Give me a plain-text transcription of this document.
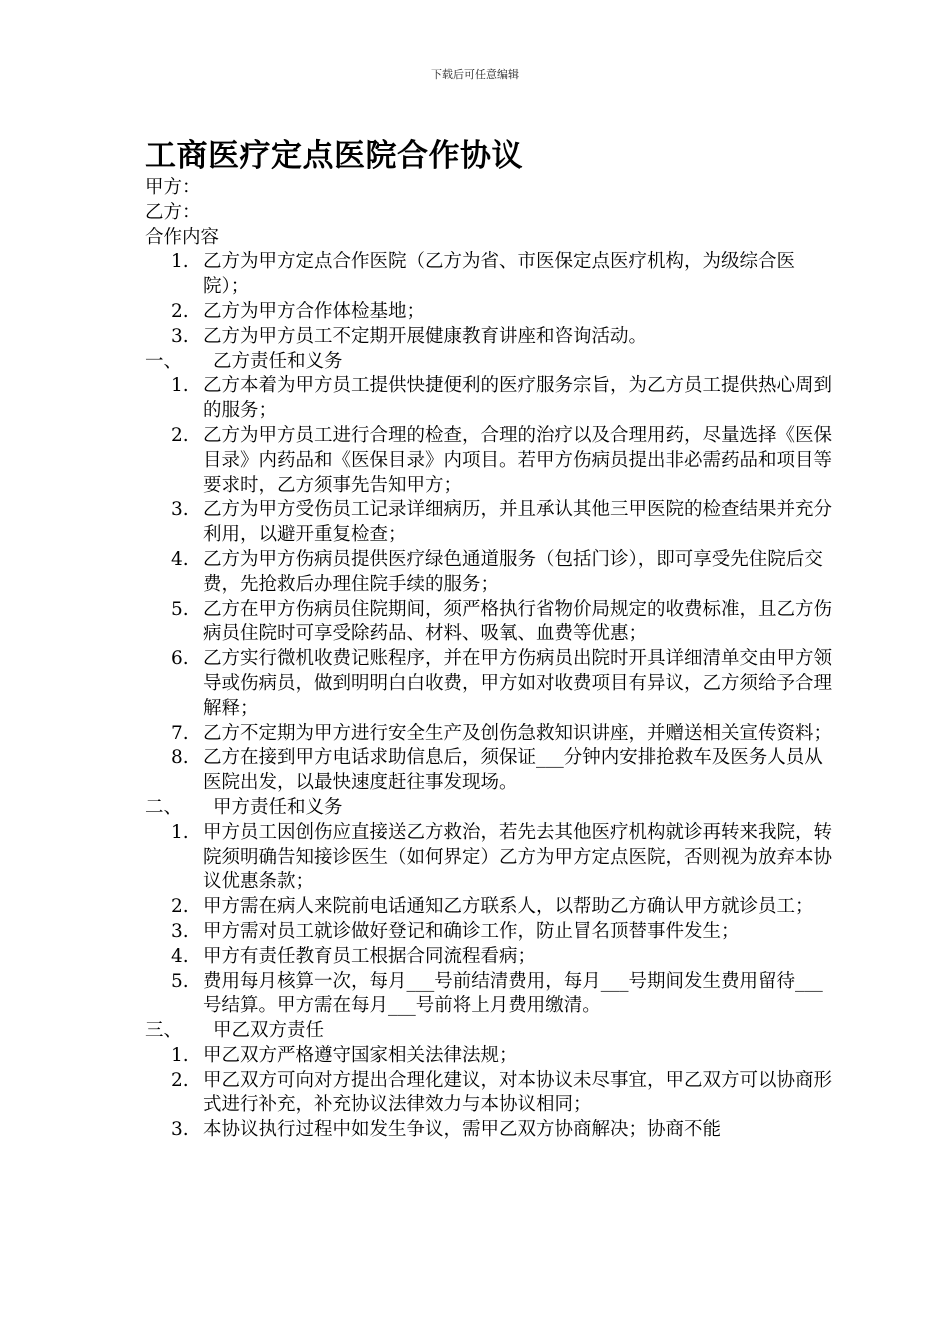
下载后可任意编辑
工商医疗定点医院合作协议

甲方：

乙方：

合作内容

1. 乙方为甲方定点合作医院（乙方为省、市医保定点医疗机构，为级综合医院）；
2. 乙方为甲方合作体检基地；
3. 乙方为甲方员工不定期开展健康教育讲座和咨询活动。

一、 乙方责任和义务

1. 乙方本着为甲方员工提供快捷便利的医疗服务宗旨，为乙方员工提供热心周到的服务；
2. 乙方为甲方员工进行合理的检查，合理的治疗以及合理用药，尽量选择《医保目录》内药品和《医保目录》内项目。若甲方伤病员提出非必需药品和项目等要求时，乙方须事先告知甲方；
3. 乙方为甲方受伤员工记录详细病历，并且承认其他三甲医院的检查结果并充分利用，以避开重复检查；
4. 乙方为甲方伤病员提供医疗绿色通道服务（包括门诊），即可享受先住院后交费，先抢救后办理住院手续的服务；
5. 乙方在甲方伤病员住院期间，须严格执行省物价局规定的收费标准，且乙方伤病员住院时可享受除药品、材料、吸氧、血费等优惠；
6. 乙方实行微机收费记账程序，并在甲方伤病员出院时开具详细清单交由甲方领导或伤病员，做到明明白白收费，甲方如对收费项目有异议，乙方须给予合理解释；
7. 乙方不定期为甲方进行安全生产及创伤急救知识讲座，并赠送相关宣传资料；
8. 乙方在接到甲方电话求助信息后，须保证___分钟内安排抢救车及医务人员从医院出发，以最快速度赶往事发现场。

二、 甲方责任和义务

1. 甲方员工因创伤应直接送乙方救治，若先去其他医疗机构就诊再转来我院，转院须明确告知接诊医生（如何界定）乙方为甲方定点医院，否则视为放弃本协议优惠条款；
2. 甲方需在病人来院前电话通知乙方联系人，以帮助乙方确认甲方就诊员工；
3. 甲方需对员工就诊做好登记和确诊工作，防止冒名顶替事件发生；
4. 甲方有责任教育员工根据合同流程看病；
5. 费用每月核算一次，每月___号前结清费用，每月___号期间发生费用留待___号结算。甲方需在每月___号前将上月费用缴清。

三、 甲乙双方责任

1. 甲乙双方严格遵守国家相关法律法规；
2. 甲乙双方可向对方提出合理化建议，对本协议未尽事宜，甲乙双方可以协商形式进行补充，补充协议法律效力与本协议相同；
3. 本协议执行过程中如发生争议，需甲乙双方协商解决；协商不能
